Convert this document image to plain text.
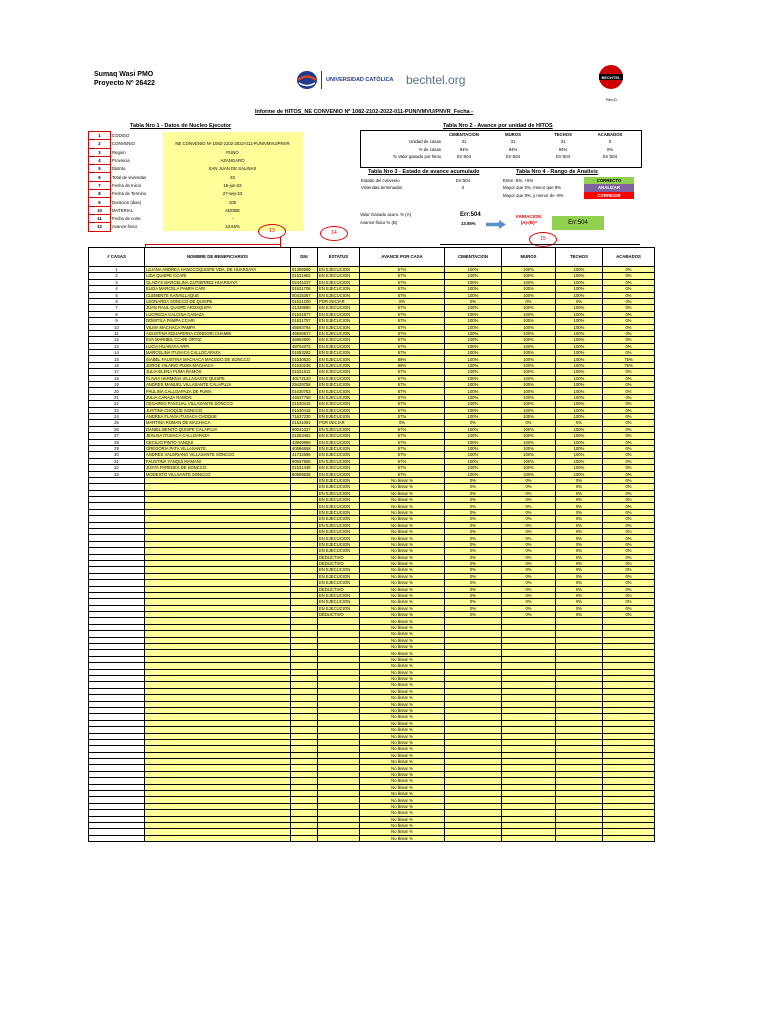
Sumaq Wasi PMO
Proyecto Nº 26422	UNIVERSIDAD CATÓLICA bechtel.org	BECHTEL
Rev.D
Informe de HITOS_NE CONVENIO Nº 1082-2102-2022-011-PUN/VMVU/PNVR_Fecha -
Tabla Nro 1 - Datos de Nucleo Ejecutor
1	CODIGO	
2	CONVENIO	NE CONVENIO Nº 1082-2102-2022-011-PUN/VMVU/PNVR
3	Region	PUNO
4	Provincia	AZANGARO
5	Distrito	SAN JUAN DE SALINAS
6	Total de viviendas	33
7	Fecha de Inicio	15-jun-23
8	Fecha de Termino	27-sep-23
9	Duracion (dias)	105
10	MATERIAL	ADOBE
11	Fecha de corte	-
12	Avance fisico	13.55%
Tabla Nro 2 - Avance por unidad de HITOS
	CIMENTACION	MUROS	TECHOS	ACABADOS
Unidad de casas	31	31	31	0
% de casas	94%	94%	94%	0%
% Valor ganado por hitos	Err:504	Err:504	Err:504	Err:504
Tabla Nro 3 - Estado de avance acumulado
Estado del convenio	Err:504
Viviendas terminadas	0
Tabla Nro 4 - Rango de Analisis
Entre -5%, +5%	CORRECTO
Mayor que 5%, menor que 8%	ANALIZAR
Mayor que 8%, y menor de -8%	CORREGIR
Valor Ganado acum. % (A)
Avance fisico % (B)
Err:504
13.55%
VARIACION:
(A)-(B)=	Err:504
13	14
15
# CASAS	NOMBRE DE BENEFICIARIOS	DNI	ESTATUS	AVANCE POR CASA	CIMENTACION	MUROS	TECHOS	ACABADOS
1	LILIANA ANDREA HANCCOQUISPE VDA. DE HUARSAYA	01305590	EN EJECUCION	57%	100%	100%	100%	0%
2	LIDA QUISPE CCARI	01531662	EN EJECUCION	57%	100%	100%	100%	0%
3	GLADYS MARCELINA GUTIERREZ HUARSAYA	02441037	EN EJECUCION	57%	100%	100%	100%	0%
4	ELIDA MARCELA PAMPA CARI	01531706	EN EJECUCION	57%	100%	100%	100%	0%
5	CLEMENTE KANAILLAQUE	00415367	EN EJECUCION	57%	100%	100%	100%	0%
6	LEONARDA SONCCO DE QUISPE	01531200	POR INICIAR	0%	0%	0%	0%	0%
7	JUAN RAUL QUISPE AROSQUIPA	41428580	EN EJECUCION	57%	100%	100%	100%	0%
8	LUCRECIA CALCINA CANAZA	01531877	EN EJECUCION	57%	100%	100%	100%	0%
9	DOMITILA PAMPA CCARI	01531757	EN EJECUCION	57%	100%	100%	100%	0%
10	VILMA MACHACA PAMPA	45593764	EN EJECUCION	57%	100%	100%	100%	0%
11	AGUSTINA EDUARDINA CONDORI CHAMBI	45926917	EN EJECUCION	57%	100%	100%	100%	0%
12	EVA MARIBEL CCARI ORTIZ	46862600	EN EJECUCION	57%	100%	100%	100%	0%
13	LUCIA HUARAYA ARPI	48704373	EN EJECUCION	57%	100%	100%	100%	0%
14	MARCELINA ITUSACA CALLOCAPAZA	01553282	EN EJECUCION	57%	100%	100%	100%	0%
15	ISABEL FAUSTINA MACHACA MACEDO DE SONCCO	01530820	EN EJECUCION	89%	100%	100%	100%	75%
16	JORGE HILARIO PUMA MACHACA	01530236	EN EJECUCION	89%	100%	100%	100%	75%
17	JULIA ELENA PUMA RAMOS	01531812	EN EJECUCION	57%	100%	100%	100%	0%
18	FLAVIA HERMINIA VILLASANTE QUISPE	40172123	EN EJECUCION	57%	100%	100%	100%	0%
19	ANDRES MANUEL VILLASANTE CALAPUJA	29429758	EN EJECUCION	57%	100%	100%	100%	0%
20	PAULINA CALLOAPAZA DE PUMA	01530753	EN EJECUCION	57%	100%	100%	100%	0%
21	JULIA CANAZA RAMOS	44637758	EN EJECUCION	57%	100%	100%	100%	0%
22	CESAREO PASCUAL VILLASANTE SONCCO	01530415	EN EJECUCION	57%	100%	100%	100%	0%
23	JUSTINA CHOQUE SONCCO	01530416	EN EJECUCION	57%	100%	100%	100%	0%
24	ANDREA FLAVIA ITUSACA CHOQUE	71637230	EN EJECUCION	57%	100%	100%	100%	0%
25	MARTINA ROMAN DE MACHACA	01531091	POR INICIAR	0%	0%	0%	0%	0%
26	DANIEL BENITO QUISPE CALAPUJA	80041037	EN EJECUCION	57%	100%	100%	100%	0%
27	JESUSA ITUSACA CALLOAPAZA	01553452	EN EJECUCION	57%	100%	100%	100%	0%
28	CECILIO PINTO YANQUI	43949986	EN EJECUCION	57%	100%	100%	100%	0%
29	GREGORIA PATA VILLASANTE	40566658	EN EJECUCION	57%	100%	100%	100%	0%
30	ANDRES VALERIANO VILLASANTE SONCCO	41732696	EN EJECUCION	57%	100%	100%	100%	0%
31	FAUSTINA YANQUI MAMANI	80567565	EN EJECUCION	57%	100%	100%	100%	0%
32	JUSTA PAREDES DE SONCCO	01531438	EN EJECUCION	57%	100%	100%	100%	0%
33	MODESTO VILLSANTE SONCCO	80589638	EN EJECUCION	57%	100%	100%	100%	0%
			EN EJECUCION	No llenar %	0%	0%	0%	0%
			EN EJECUCION	No llenar %	0%	0%	0%	0%
			EN EJECUCION	No llenar %	0%	0%	0%	0%
			EN EJECUCION	No llenar %	0%	0%	0%	0%
			EN EJECUCION	No llenar %	0%	0%	0%	0%
			EN EJECUCION	No llenar %	0%	0%	0%	0%
			EN EJECUCION	No llenar %	0%	0%	0%	0%
			EN EJECUCION	No llenar %	0%	0%	0%	0%
			EN EJECUCION	No llenar %	0%	0%	0%	0%
			EN EJECUCION	No llenar %	0%	0%	0%	0%
			EN EJECUCION	No llenar %	0%	0%	0%	0%
			EN EJECUCION	No llenar %	0%	0%	0%	0%
			DEDUCTIVO	No llenar %	0%	0%	0%	0%
			DEDUCTIVO	No llenar %	0%	0%	0%	0%
			EN EJECUCION	No llenar %	0%	0%	0%	0%
			EN EJECUCION	No llenar %	0%	0%	0%	0%
			EN EJECUCION	No llenar %	0%	0%	0%	0%
			DEDUCTIVO	No llenar %	0%	0%	0%	0%
			EN EJECUCION	No llenar %	0%	0%	0%	0%
			EN EJECUCION	No llenar %	0%	0%	0%	0%
			EN EJECUCION	No llenar %	0%	0%	0%	0%
			DEDUCTIVO	No llenar %	0%	0%	0%	0%
				No llenar %				
				No llenar %				
				No llenar %				
				No llenar %				
				No llenar %				
				No llenar %				
				No llenar %				
				No llenar %				
				No llenar %				
				No llenar %				
				No llenar %				
				No llenar %				
				No llenar %				
				No llenar %				
				No llenar %				
				No llenar %				
				No llenar %				
				No llenar %				
				No llenar %				
				No llenar %				
				No llenar %				
				No llenar %				
				No llenar %				
				No llenar %				
				No llenar %				
				No llenar %				
				No llenar %				
				No llenar %				
				No llenar %				
				No llenar %				
				No llenar %				
				No llenar %				
				No llenar %				
				No llenar %				
				No llenar %				
